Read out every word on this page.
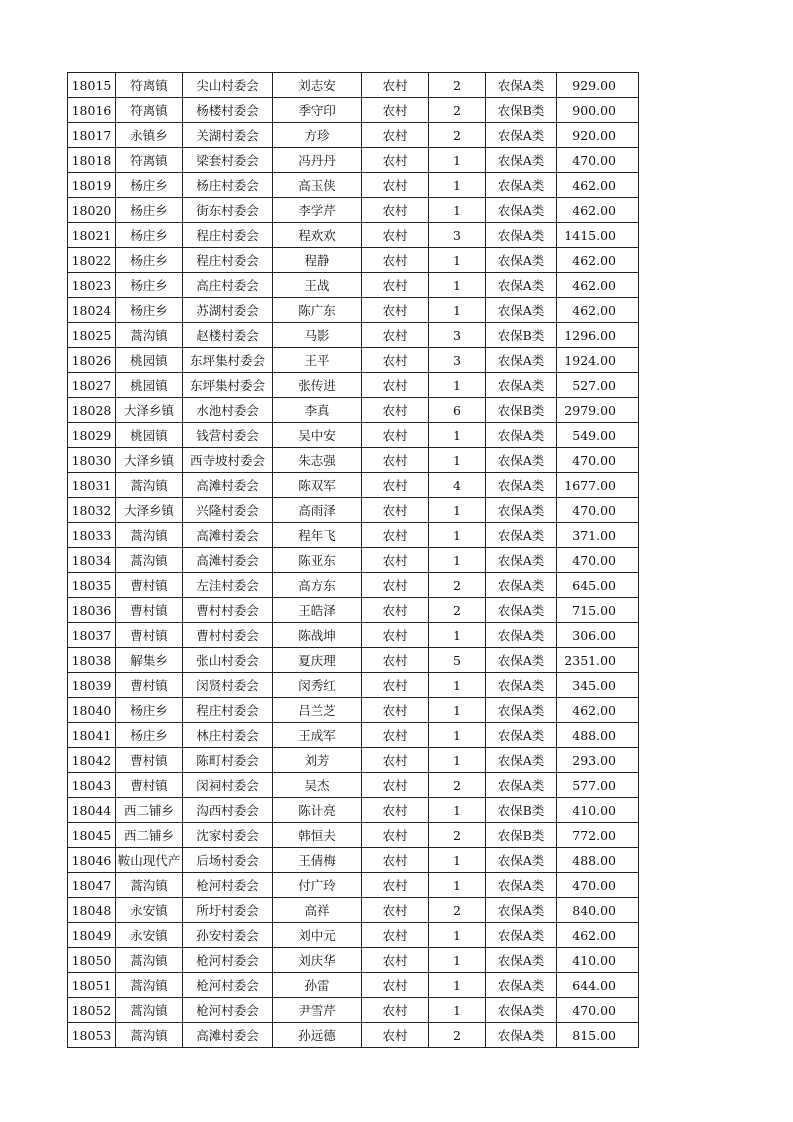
18015	符离镇	尖山村委会	刘志安	农村	2	农保A类	929.00
18016	符离镇	杨楼村委会	季守印	农村	2	农保B类	900.00
18017	永镇乡	关湖村委会	方珍	农村	2	农保A类	920.00
18018	符离镇	梁套村委会	冯丹丹	农村	1	农保A类	470.00
18019	杨庄乡	杨庄村委会	高玉侠	农村	1	农保A类	462.00
18020	杨庄乡	街东村委会	李学芹	农村	1	农保A类	462.00
18021	杨庄乡	程庄村委会	程欢欢	农村	3	农保A类	1415.00
18022	杨庄乡	程庄村委会	程静	农村	1	农保A类	462.00
18023	杨庄乡	高庄村委会	王战	农村	1	农保A类	462.00
18024	杨庄乡	苏湖村委会	陈广东	农村	1	农保A类	462.00
18025	蒿沟镇	赵楼村委会	马影	农村	3	农保B类	1296.00
18026	桃园镇	东坪集村委会	王平	农村	3	农保A类	1924.00
18027	桃园镇	东坪集村委会	张传进	农村	1	农保A类	527.00
18028	大泽乡镇	水池村委会	李真	农村	6	农保B类	2979.00
18029	桃园镇	钱营村委会	吴中安	农村	1	农保A类	549.00
18030	大泽乡镇	西寺坡村委会	朱志强	农村	1	农保A类	470.00
18031	蒿沟镇	高滩村委会	陈双军	农村	4	农保A类	1677.00
18032	大泽乡镇	兴隆村委会	高雨泽	农村	1	农保A类	470.00
18033	蒿沟镇	高滩村委会	程年飞	农村	1	农保A类	371.00
18034	蒿沟镇	高滩村委会	陈亚东	农村	1	农保A类	470.00
18035	曹村镇	左洼村委会	高方东	农村	2	农保A类	645.00
18036	曹村镇	曹村村委会	王皓泽	农村	2	农保A类	715.00
18037	曹村镇	曹村村委会	陈战坤	农村	1	农保A类	306.00
18038	解集乡	张山村委会	夏庆理	农村	5	农保A类	2351.00
18039	曹村镇	闵贤村委会	闵秀红	农村	1	农保A类	345.00
18040	杨庄乡	程庄村委会	吕兰芝	农村	1	农保A类	462.00
18041	杨庄乡	林庄村委会	王成军	农村	1	农保A类	488.00
18042	曹村镇	陈町村委会	刘芳	农村	1	农保A类	293.00
18043	曹村镇	闵祠村委会	吴杰	农村	2	农保A类	577.00
18044	西二铺乡	沟西村委会	陈计亮	农村	1	农保B类	410.00
18045	西二铺乡	沈家村委会	韩恒夫	农村	2	农保B类	772.00
18046	鞍山现代产	后场村委会	王倩梅	农村	1	农保A类	488.00
18047	蒿沟镇	枪河村委会	付广玲	农村	1	农保A类	470.00
18048	永安镇	所圩村委会	高祥	农村	2	农保A类	840.00
18049	永安镇	孙安村委会	刘中元	农村	1	农保A类	462.00
18050	蒿沟镇	枪河村委会	刘庆华	农村	1	农保A类	410.00
18051	蒿沟镇	枪河村委会	孙雷	农村	1	农保A类	644.00
18052	蒿沟镇	枪河村委会	尹雪芹	农村	1	农保A类	470.00
18053	蒿沟镇	高滩村委会	孙远德	农村	2	农保A类	815.00
